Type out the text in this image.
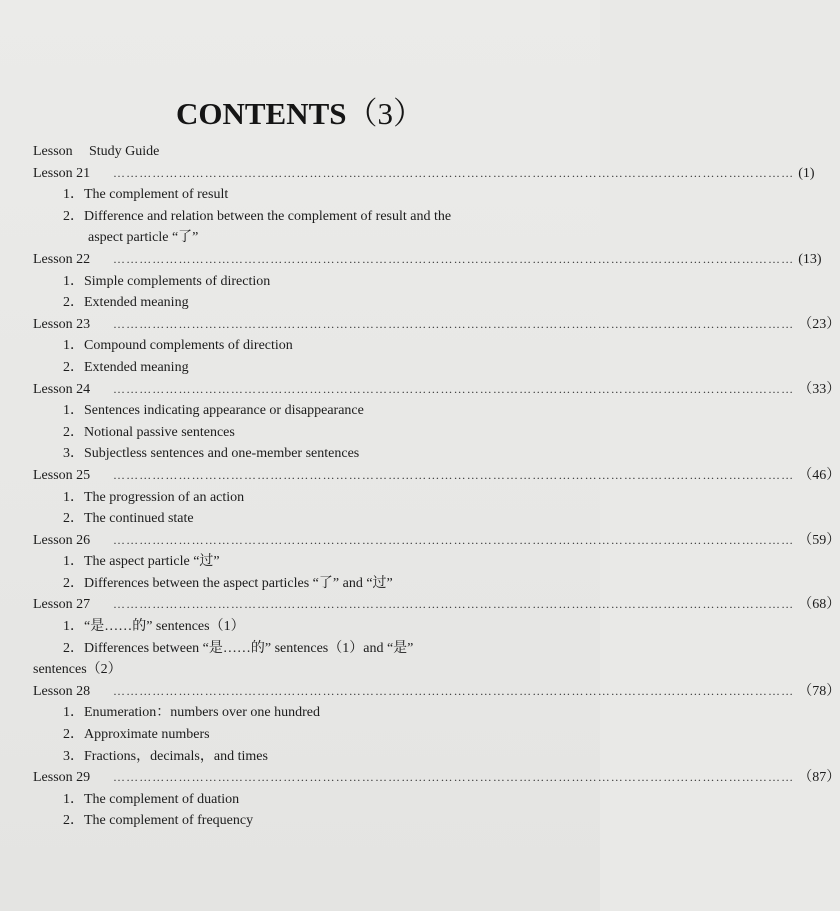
CONTENTS（3）
Lesson Study Guide
Lesson 21	………………………………………………………………………………………………………………………………………… (1)
1．The complement of result
2．Difference and relation between the complement of result and the
aspect particle “了”
Lesson 22	………………………………………………………………………………………………………………………………………… (13)
1．Simple complements of direction
2．Extended meaning
Lesson 23	………………………………………………………………………………………………………………………………………… （23）
1．Compound complements of direction
2．Extended meaning
Lesson 24	………………………………………………………………………………………………………………………………………… （33）
1．Sentences indicating appearance or disappearance
2．Notional passive sentences
3．Subjectless sentences and one-member sentences
Lesson 25	………………………………………………………………………………………………………………………………………… （46）
1．The progression of an action
2．The continued state
Lesson 26	………………………………………………………………………………………………………………………………………… （59）
1．The aspect particle “过”
2．Differences between the aspect particles “了” and “过”
Lesson 27	………………………………………………………………………………………………………………………………………… （68）
1．“是……的” sentences（1）
2．Differences between “是……的” sentences（1）and “是”
sentences（2）
Lesson 28	………………………………………………………………………………………………………………………………………… （78）
1．Enumeration：numbers over one hundred
2．Approximate numbers
3．Fractions，decimals，and times
Lesson 29	………………………………………………………………………………………………………………………………………… （87）
1．The complement of duation
2．The complement of frequency
